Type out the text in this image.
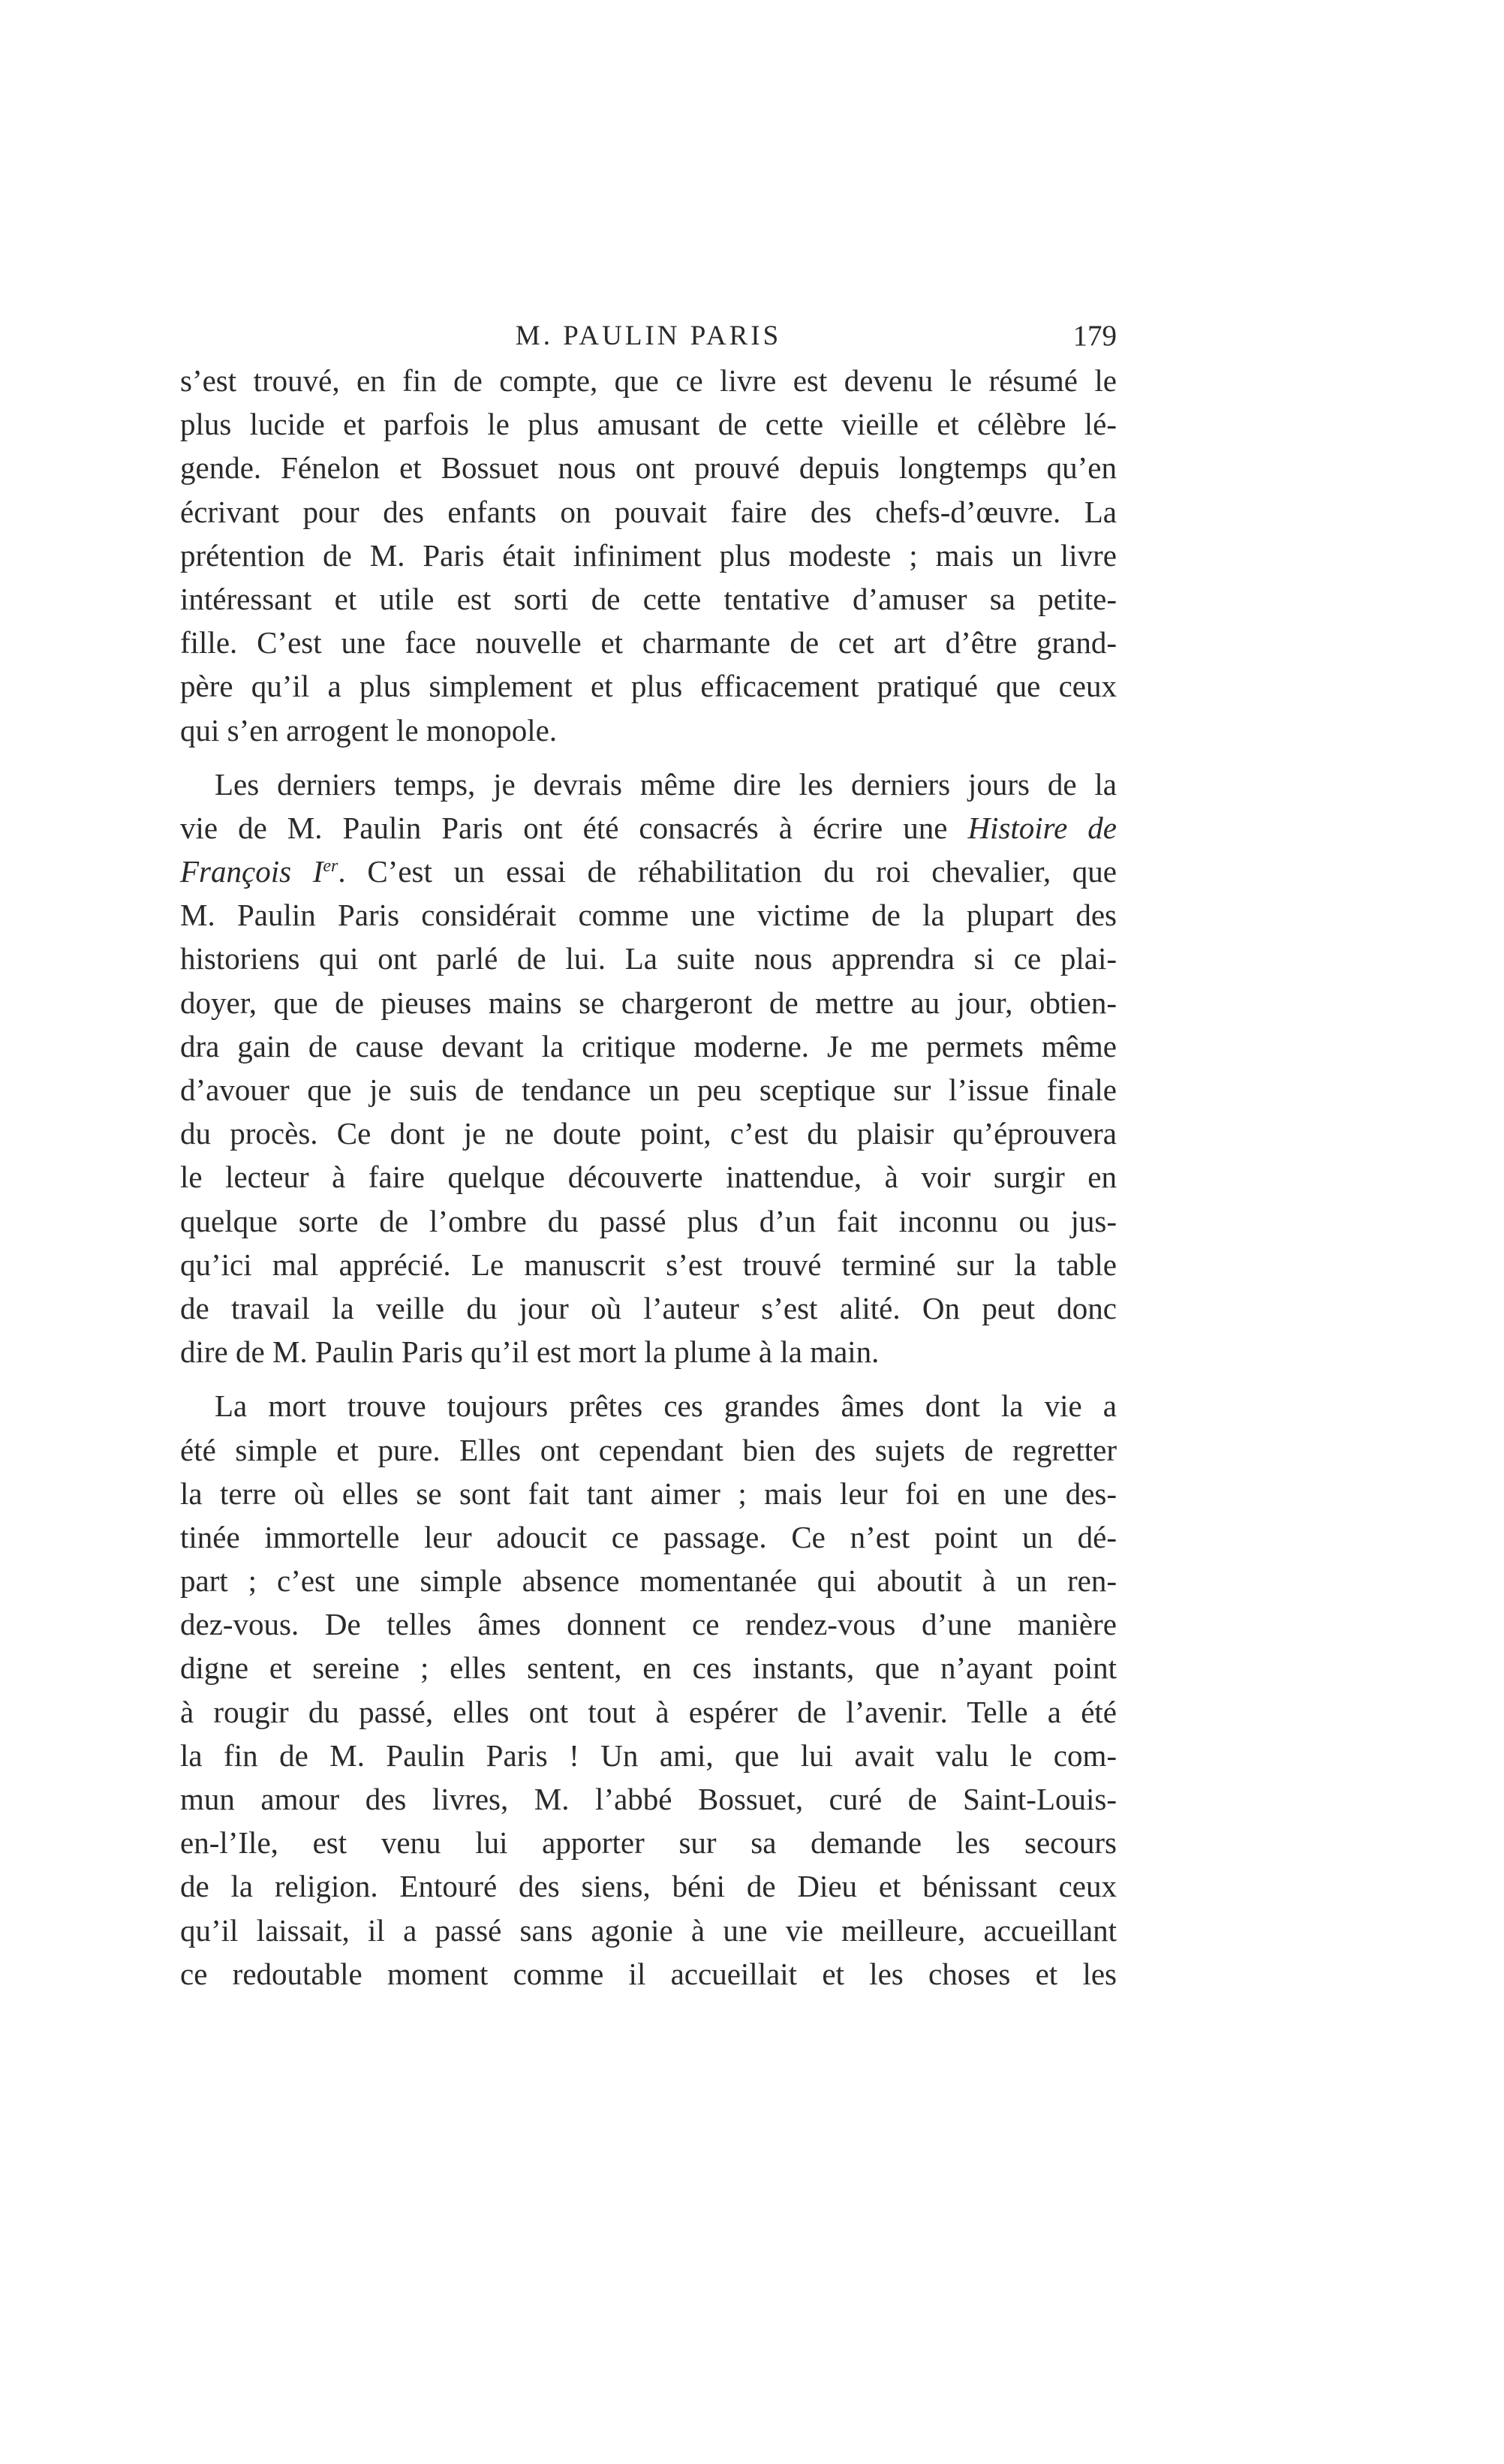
M. PAULIN PARIS	179
s’est trouvé, en fin de compte, que ce livre est devenu le résumé le
plus lucide et parfois le plus amusant de cette vieille et célèbre lé-
gende. Fénelon et Bossuet nous ont prouvé depuis longtemps qu’en
écrivant pour des enfants on pouvait faire des chefs-d’œuvre. La
prétention de M. Paris était infiniment plus modeste ; mais un livre
intéressant et utile est sorti de cette tentative d’amuser sa petite-
fille. C’est une face nouvelle et charmante de cet art d’être grand-
père qu’il a plus simplement et plus efficacement pratiqué que ceux
qui s’en arrogent le monopole.
Les derniers temps, je devrais même dire les derniers jours de la
vie de M. Paulin Paris ont été consacrés à écrire une Histoire de
François Ier. C’est un essai de réhabilitation du roi chevalier, que
M. Paulin Paris considérait comme une victime de la plupart des
historiens qui ont parlé de lui. La suite nous apprendra si ce plai-
doyer, que de pieuses mains se chargeront de mettre au jour, obtien-
dra gain de cause devant la critique moderne. Je me permets même
d’avouer que je suis de tendance un peu sceptique sur l’issue finale
du procès. Ce dont je ne doute point, c’est du plaisir qu’éprouvera
le lecteur à faire quelque découverte inattendue, à voir surgir en
quelque sorte de l’ombre du passé plus d’un fait inconnu ou jus-
qu’ici mal apprécié. Le manuscrit s’est trouvé terminé sur la table
de travail la veille du jour où l’auteur s’est alité. On peut donc
dire de M. Paulin Paris qu’il est mort la plume à la main.
La mort trouve toujours prêtes ces grandes âmes dont la vie a
été simple et pure. Elles ont cependant bien des sujets de regretter
la terre où elles se sont fait tant aimer ; mais leur foi en une des-
tinée immortelle leur adoucit ce passage. Ce n’est point un dé-
part ; c’est une simple absence momentanée qui aboutit à un ren-
dez-vous. De telles âmes donnent ce rendez-vous d’une manière
digne et sereine ; elles sentent, en ces instants, que n’ayant point
à rougir du passé, elles ont tout à espérer de l’avenir. Telle a été
la fin de M. Paulin Paris ! Un ami, que lui avait valu le com-
mun amour des livres, M. l’abbé Bossuet, curé de Saint-Louis-
en-l’Ile, est venu lui apporter sur sa demande les secours
de la religion. Entouré des siens, béni de Dieu et bénissant ceux
qu’il laissait, il a passé sans agonie à une vie meilleure, accueillant
ce redoutable moment comme il accueillait et les choses et les
